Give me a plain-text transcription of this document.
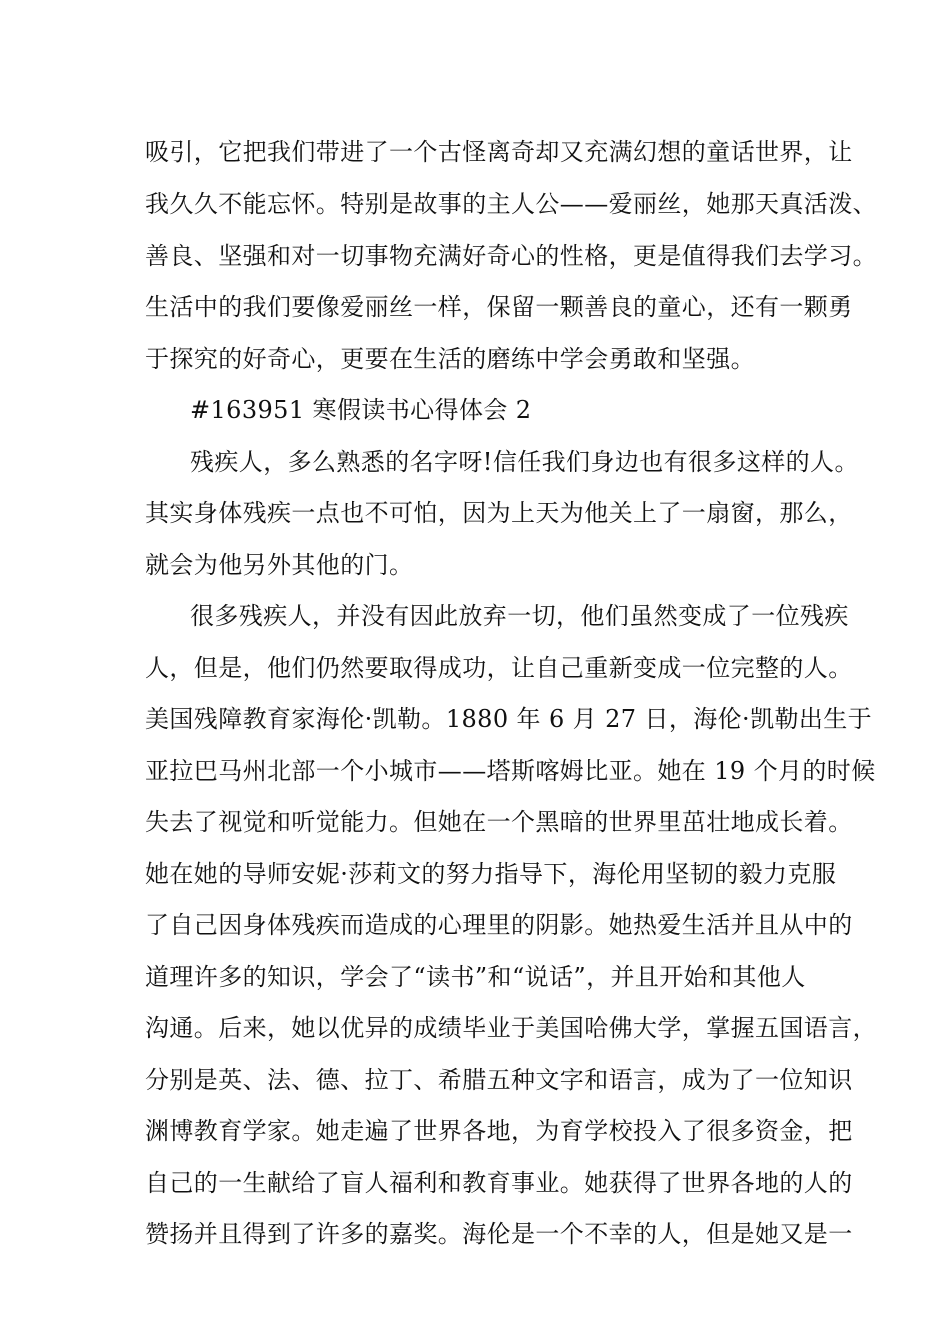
吸引，它把我们带进了一个古怪离奇却又充满幻想的童话世界，让
我久久不能忘怀。特别是故事的主人公——爱丽丝，她那天真活泼、
善良、坚强和对一切事物充满好奇心的性格，更是值得我们去学习。
生活中的我们要像爱丽丝一样，保留一颗善良的童心，还有一颗勇
于探究的好奇心，更要在生活的磨练中学会勇敢和坚强。
#163951 寒假读书心得体会 2
残疾人，多么熟悉的名字呀!信任我们身边也有很多这样的人。
其实身体残疾一点也不可怕，因为上天为他关上了一扇窗，那么，
就会为他另外其他的门。
很多残疾人，并没有因此放弃一切，他们虽然变成了一位残疾
人，但是，他们仍然要取得成功，让自己重新变成一位完整的人。
美国残障教育家海伦·凯勒。1880 年 6 月 27 日，海伦·凯勒出生于
亚拉巴马州北部一个小城市——塔斯喀姆比亚。她在 19 个月的时候
失去了视觉和听觉能力。但她在一个黑暗的世界里茁壮地成长着。
她在她的导师安妮·莎莉文的努力指导下，海伦用坚韧的毅力克服
了自己因身体残疾而造成的心理里的阴影。她热爱生活并且从中的
道理许多的知识，学会了“读书”和“说话”，并且开始和其他人
沟通。后来，她以优异的成绩毕业于美国哈佛大学，掌握五国语言，
分别是英、法、德、拉丁、希腊五种文字和语言，成为了一位知识
渊博教育学家。她走遍了世界各地，为育学校投入了很多资金，把
自己的一生献给了盲人福利和教育事业。她获得了世界各地的人的
赞扬并且得到了许多的嘉奖。海伦是一个不幸的人，但是她又是一
